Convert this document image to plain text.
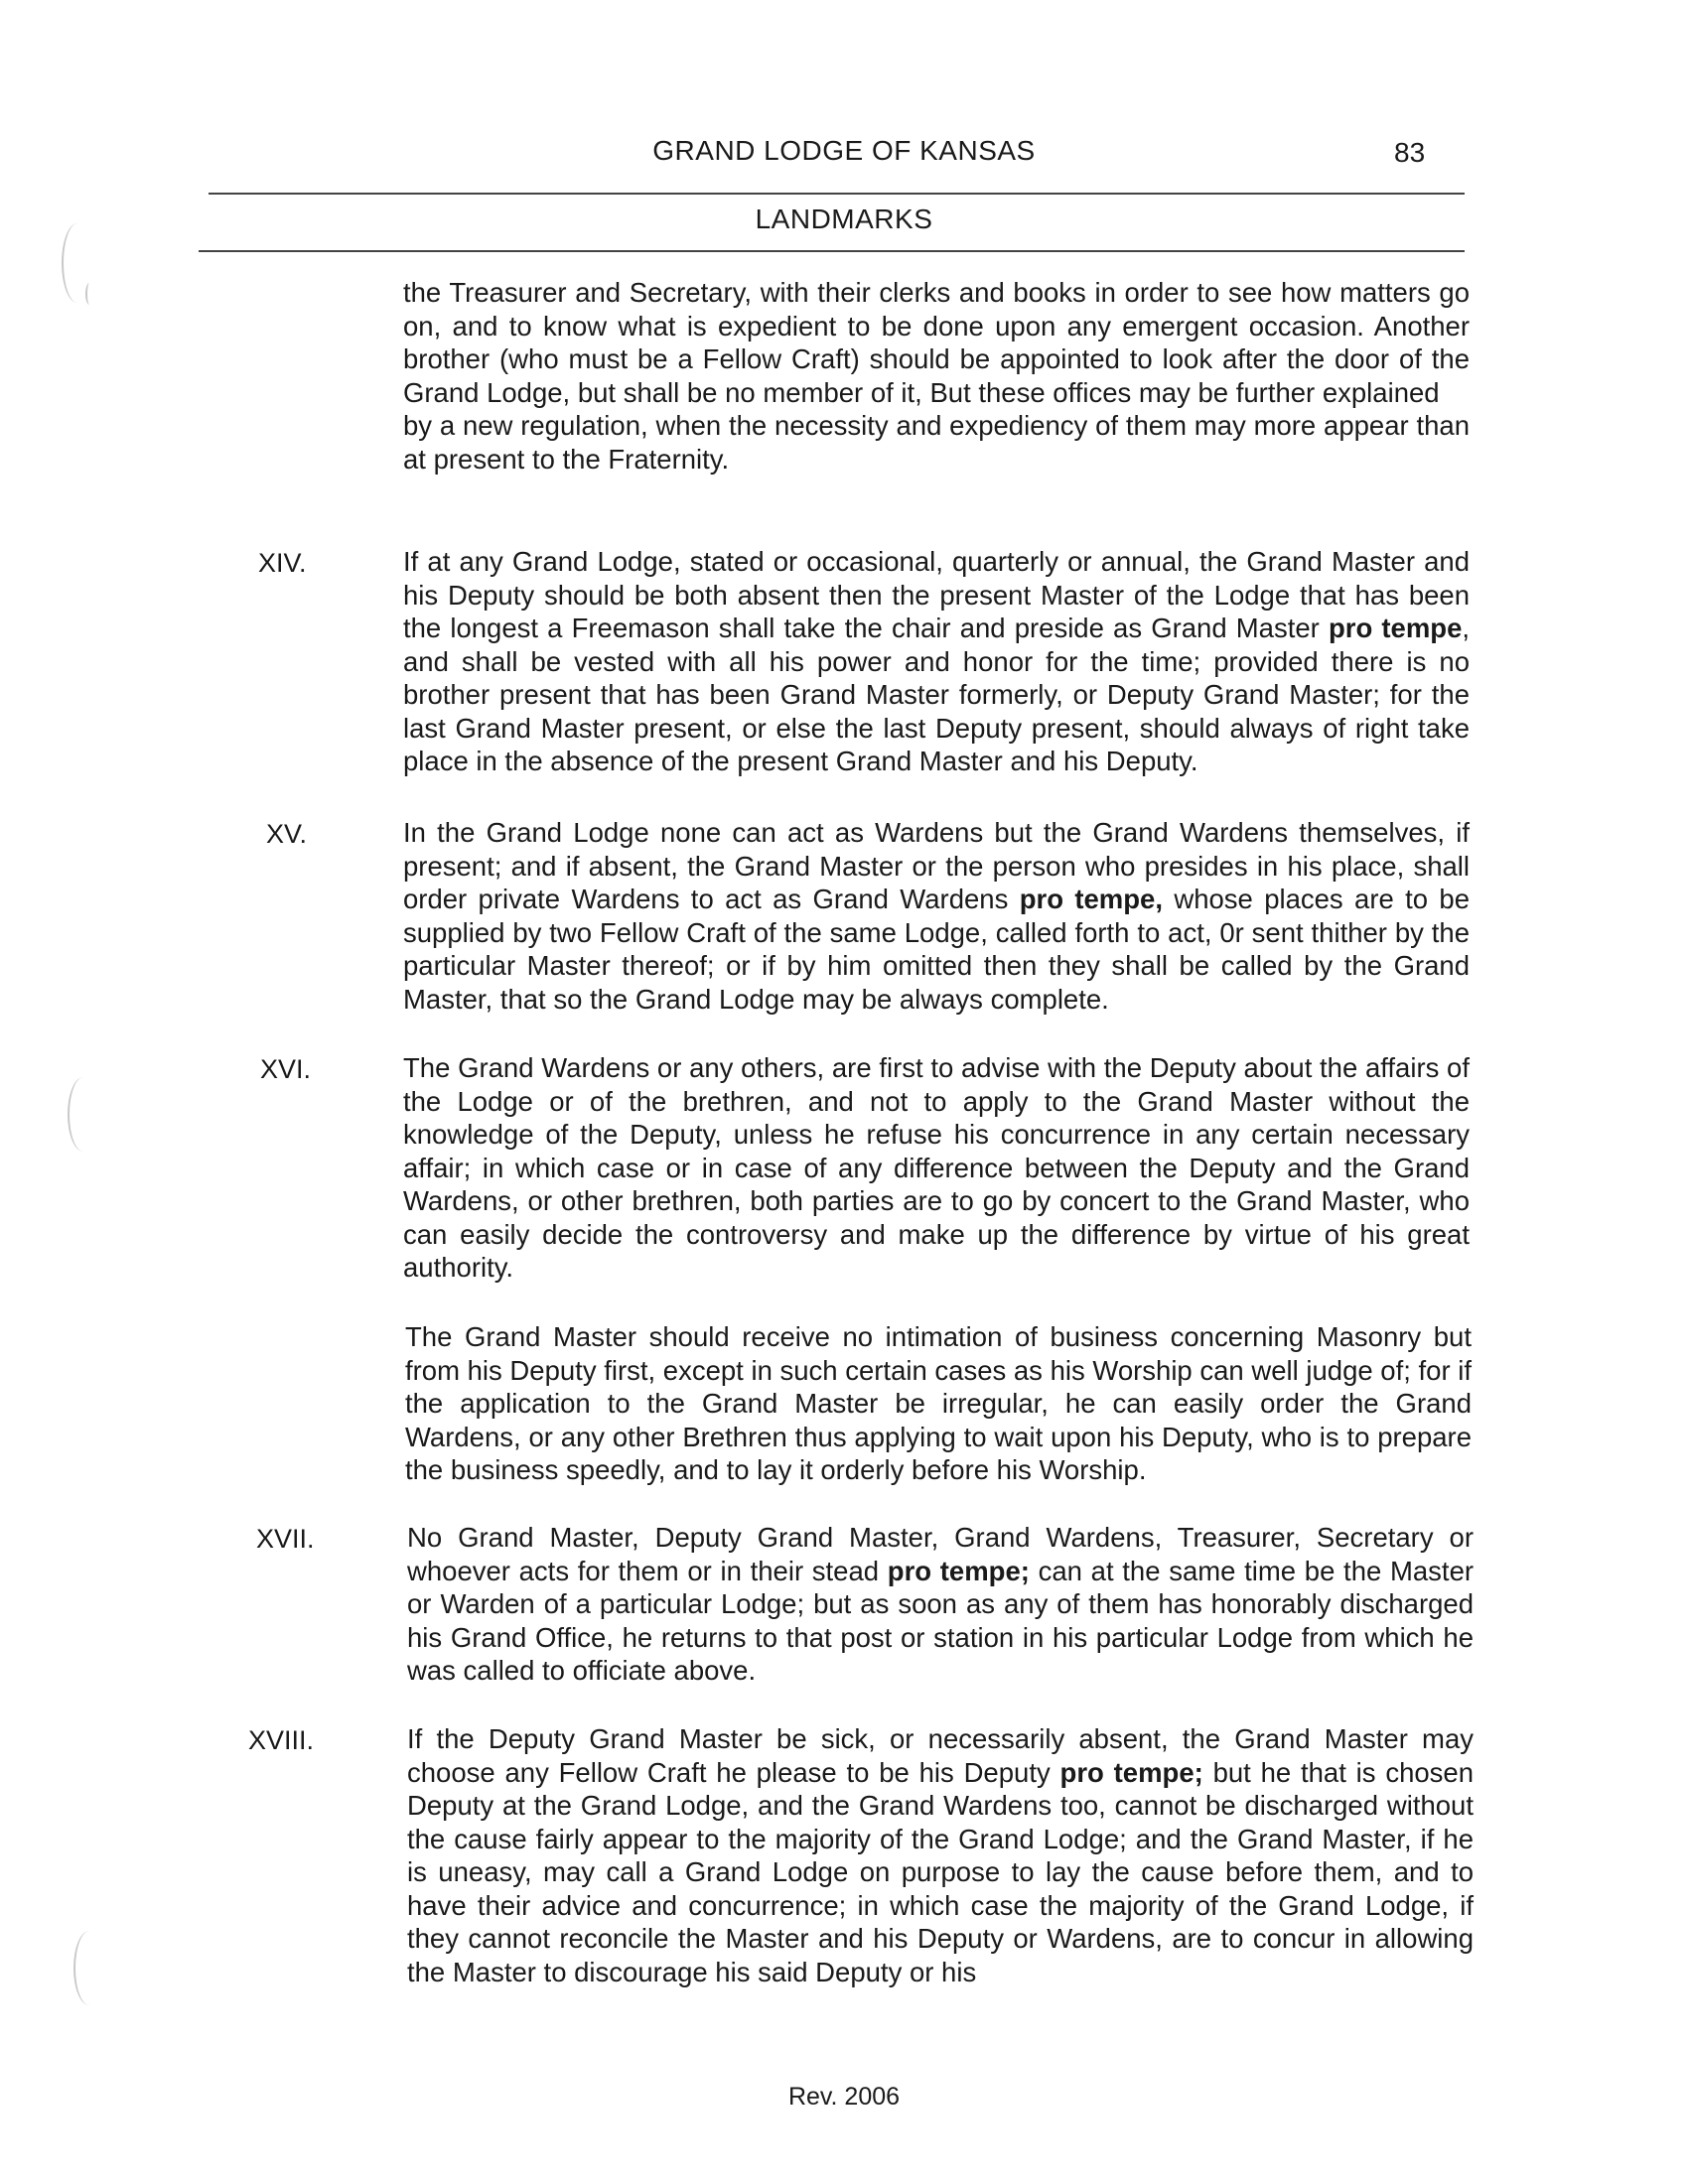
GRAND LODGE OF KANSAS	83
LANDMARKS

the Treasurer and Secretary, with their clerks and books in order to see how matters go on, and to know what is expedient to be done upon any emergent occasion. Another brother (who must be a Fellow Craft) should be appointed to look after the door of the Grand Lodge, but shall be no member of it, But these offices may be further explained
by a new regulation, when the necessity and expediency of them may more appear than at present to the Fraternity.

XIV.	If at any Grand Lodge, stated or occasional, quarterly or annual, the Grand Master and his Deputy should be both absent then the present Master of the Lodge that has been the longest a Freemason shall take the chair and preside as Grand Master pro tempe, and shall be vested with all his power and honor for the time; provided there is no brother present that has been Grand Master formerly, or Deputy Grand Master; for the last Grand Master present, or else the last Deputy present, should always of right take place in the absence of the present Grand Master and his Deputy.

XV.	In the Grand Lodge none can act as Wardens but the Grand Wardens themselves, if present; and if absent, the Grand Master or the person who presides in his place, shall order private Wardens to act as Grand Wardens pro tempe, whose places are to be supplied by two Fellow Craft of the same Lodge, called forth to act, 0r sent thither by the particular Master thereof; or if by him omitted then they shall be called by the Grand Master, that so the Grand Lodge may be always complete.

XVI.	The Grand Wardens or any others, are first to advise with the Deputy about the affairs of the Lodge or of the brethren, and not to apply to the Grand Master without the knowledge of the Deputy, unless he refuse his concurrence in any certain necessary affair; in which case or in case of any difference between the Deputy and the Grand Wardens, or other brethren, both parties are to go by concert to the Grand Master, who can easily decide the controversy and make up the difference by virtue of his great authority.

The Grand Master should receive no intimation of business concerning Masonry but from his Deputy first, except in such certain cases as his Worship can well judge of; for if the application to the Grand Master be irregular, he can easily order the Grand Wardens, or any other Brethren thus applying to wait upon his Deputy, who is to prepare the business speedly, and to lay it orderly before his Worship.

XVII.	No Grand Master, Deputy Grand Master, Grand Wardens, Treasurer, Secretary or whoever acts for them or in their stead pro tempe; can at the same time be the Master or Warden of a particular Lodge; but as soon as any of them has honorably discharged his Grand Office, he returns to that post or station in his particular Lodge from which he was called to officiate above.

XVIII.	If the Deputy Grand Master be sick, or necessarily absent, the Grand Master may choose any Fellow Craft he please to be his Deputy pro tempe; but he that is chosen Deputy at the Grand Lodge, and the Grand Wardens too, cannot be discharged without the cause fairly appear to the majority of the Grand Lodge; and the Grand Master, if he is uneasy, may call a Grand Lodge on purpose to lay the cause before them, and to have their advice and concurrence; in which case the majority of the Grand Lodge, if they cannot reconcile the Master and his Deputy or Wardens, are to concur in allowing the Master to discourage his said Deputy or his

Rev. 2006
